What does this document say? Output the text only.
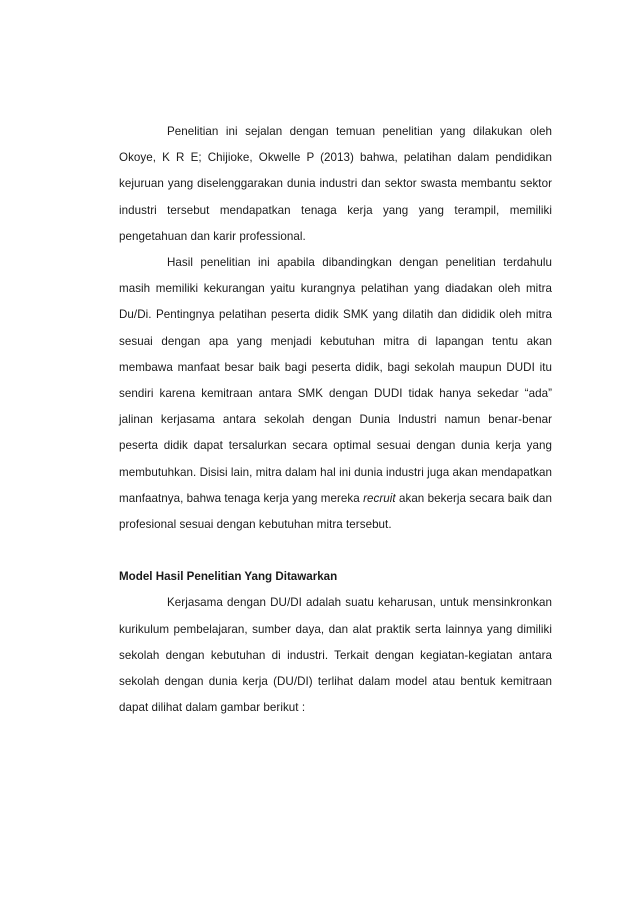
Penelitian ini sejalan dengan temuan penelitian yang dilakukan oleh Okoye, K R E; Chijioke, Okwelle P (2013) bahwa, pelatihan dalam pendidikan kejuruan yang diselenggarakan dunia industri dan sektor swasta membantu sektor industri tersebut mendapatkan tenaga kerja yang yang terampil, memiliki pengetahuan dan karir professional.

Hasil penelitian ini apabila dibandingkan dengan penelitian terdahulu masih memiliki kekurangan yaitu kurangnya pelatihan yang diadakan oleh mitra Du/Di. Pentingnya pelatihan peserta didik SMK yang dilatih dan dididik oleh mitra sesuai dengan apa yang menjadi kebutuhan mitra di lapangan tentu akan membawa manfaat besar baik bagi peserta didik, bagi sekolah maupun DUDI itu sendiri karena kemitraan antara SMK dengan DUDI tidak hanya sekedar “ada” jalinan kerjasama antara sekolah dengan Dunia Industri namun benar-benar peserta didik dapat tersalurkan secara optimal sesuai dengan dunia kerja yang membutuhkan. Disisi lain, mitra dalam hal ini dunia industri juga akan mendapatkan manfaatnya, bahwa tenaga kerja yang mereka recruit akan bekerja secara baik dan profesional sesuai dengan kebutuhan mitra tersebut.

Model Hasil Penelitian Yang Ditawarkan

Kerjasama dengan DU/DI adalah suatu keharusan, untuk mensinkronkan kurikulum pembelajaran, sumber daya, dan alat praktik serta lainnya yang dimiliki sekolah dengan kebutuhan di industri. Terkait dengan kegiatan-kegiatan antara sekolah dengan dunia kerja (DU/DI) terlihat dalam model atau bentuk kemitraan dapat dilihat dalam gambar berikut :
